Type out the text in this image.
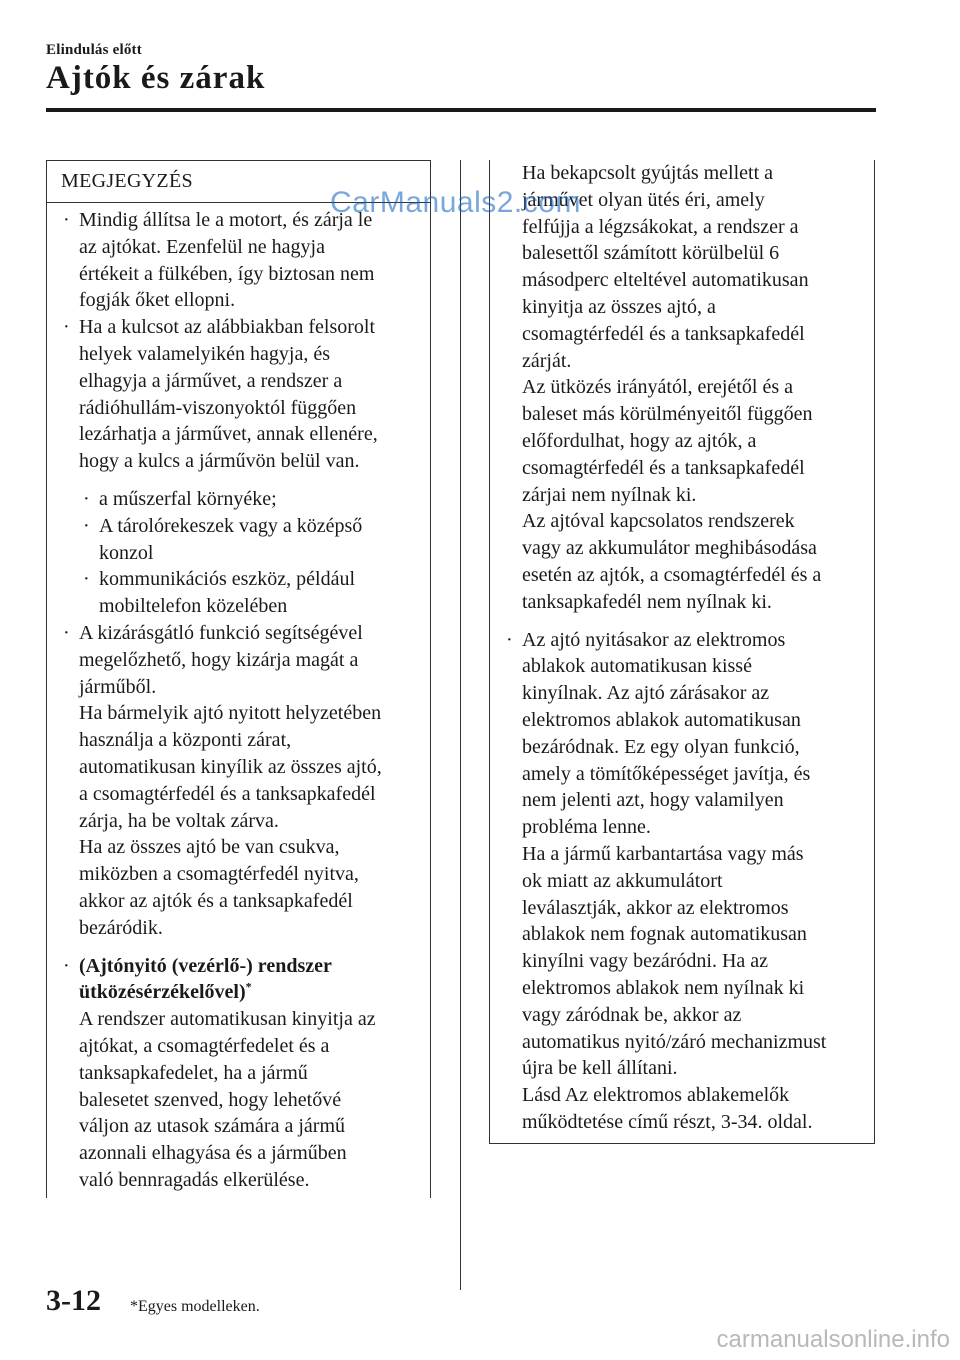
Elindulás előtt
Ajtók és zárak
MEGJEGYZÉS
· Mindig állítsa le a motort, és zárja le
az ajtókat. Ezenfelül ne hagyja
értékeit a fülkében, így biztosan nem
fogják őket ellopni.
· Ha a kulcsot az alábbiakban felsorolt
helyek valamelyikén hagyja, és
elhagyja a járművet, a rendszer a
rádióhullám-viszonyoktól függően
lezárhatja a járművet, annak ellenére,
hogy a kulcs a járművön belül van.
· a műszerfal környéke;
· A tárolórekeszek vagy a középső
konzol
· kommunikációs eszköz, például
mobiltelefon közelében
· A kizárásgátló funkció segítségével
megelőzhető, hogy kizárja magát a
járműből.
Ha bármelyik ajtó nyitott helyzetében
használja a központi zárat,
automatikusan kinyílik az összes ajtó,
a csomagtérfedél és a tanksapkafedél
zárja, ha be voltak zárva.
Ha az összes ajtó be van csukva,
miközben a csomagtérfedél nyitva,
akkor az ajtók és a tanksapkafedél
bezáródik.
· (Ajtónyitó (vezérlő-) rendszer
ütközésérzékelővel)*
A rendszer automatikusan kinyitja az
ajtókat, a csomagtérfedelet és a
tanksapkafedelet, ha a jármű
balesetet szenved, hogy lehetővé
váljon az utasok számára a jármű
azonnali elhagyása és a járműben
való bennragadás elkerülése.
Ha bekapcsolt gyújtás mellett a
járművet olyan ütés éri, amely
felfújja a légzsákokat, a rendszer a
balesettől számított körülbelül 6
másodperc elteltével automatikusan
kinyitja az összes ajtó, a
csomagtérfedél és a tanksapkafedél
zárját.
Az ütközés irányától, erejétől és a
baleset más körülményeitől függően
előfordulhat, hogy az ajtók, a
csomagtérfedél és a tanksapkafedél
zárjai nem nyílnak ki.
Az ajtóval kapcsolatos rendszerek
vagy az akkumulátor meghibásodása
esetén az ajtók, a csomagtérfedél és a
tanksapkafedél nem nyílnak ki.
· Az ajtó nyitásakor az elektromos
ablakok automatikusan kissé
kinyílnak. Az ajtó zárásakor az
elektromos ablakok automatikusan
bezáródnak. Ez egy olyan funkció,
amely a tömítőképességet javítja, és
nem jelenti azt, hogy valamilyen
probléma lenne.
Ha a jármű karbantartása vagy más
ok miatt az akkumulátort
leválasztják, akkor az elektromos
ablakok nem fognak automatikusan
kinyílni vagy bezáródni. Ha az
elektromos ablakok nem nyílnak ki
vagy záródnak be, akkor az
automatikus nyitó/záró mechanizmust
újra be kell állítani.
Lásd Az elektromos ablakemelők
működtetése című részt, 3-34. oldal.
3-12 *Egyes modelleken.
CarManuals2.com
carmanualsonline.info
